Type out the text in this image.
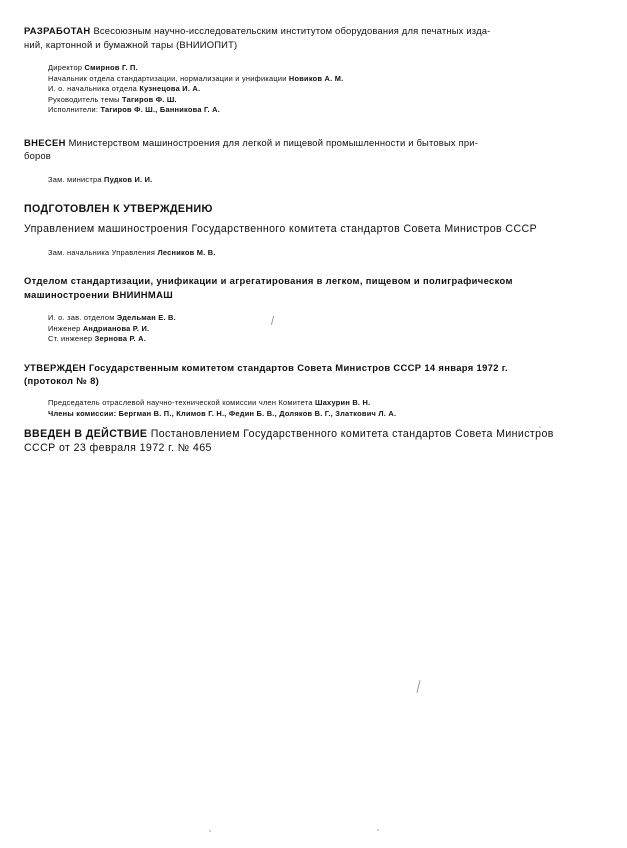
РАЗРАБОТАН Всесоюзным научно-исследовательским институтом оборудования для печатных изда-
ний, картонной и бумажной тары (ВНИИОПИТ)
Директор Смирнов Г. П.
Начальник отдела стандартизации, нормализации и унификации Новиков А. М.
И. о. начальника отдела Кузнецова И. А.
Руководитель темы Тагиров Ф. Ш.
Исполнители: Тагиров Ф. Ш., Банникова Г. А.
ВНЕСЕН Министерством машиностроения для легкой и пищевой промышленности и бытовых при-
боров
Зам. министра Пудков И. И.
ПОДГОТОВЛЕН К УТВЕРЖДЕНИЮ
Управлением машиностроения Государственного комитета стандартов Совета Министров СССР
Зам. начальника Управления Лесников М. В.
Отделом стандартизации, унификации и агрегатирования в легком, пищевом и полиграфическом
машиностроении ВНИИНМАШ
И. о. зав. отделом Эдельман Е. В.
Инженер Андрианова Р. И.
Ст. инженер Зернова Р. А.
УТВЕРЖДЕН Государственным комитетом стандартов Совета Министров СССР 14 января 1972 г.
(протокол № 8)
Председатель отраслевой научно-технической комиссии член Комитета Шахурин В. Н.
Члены комиссии: Бергман В. П., Климов Г. Н., Федин Б. В., Доляков В. Г., Златкович Л. А.
ВВЕДЕН В ДЕЙСТВИЕ Постановлением Государственного комитета стандартов Совета Министров
СССР от 23 февраля 1972 г. № 465
